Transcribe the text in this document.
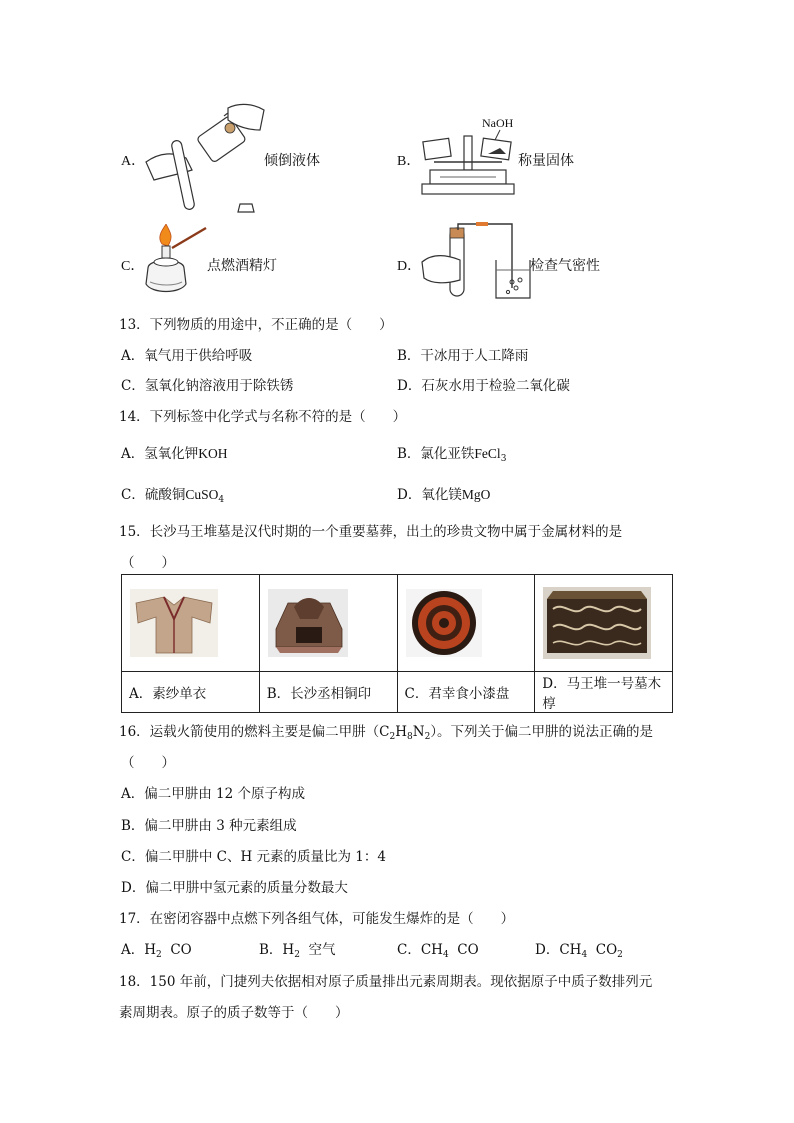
A．	倾倒液体	B．
NaOH
称量固体
C．	点燃酒精灯	D．	检查气密性
13．下列物质的用途中，不正确的是（　　）
A．氧气用于供给呼吸	B．干冰用于人工降雨
C．氢氧化钠溶液用于除铁锈	D．石灰水用于检验二氧化碳
14．下列标签中化学式与名称不符的是（　　）
A．氢氧化钾KOH	B．氯化亚铁FeCl$_3$
C．硫酸铜CuSO$_4$	D．氧化镁MgO
15．长沙马王堆墓是汉代时期的一个重要墓葬，出土的珍贵文物中属于金属材料的是
（　　）

A．素纱单衣	B．长沙丞相铜印	C．君幸食小漆盘	D．马王堆一号墓木椁
16．运载火箭使用的燃料主要是偏二甲肼$(C_2H_8N_2)$。下列关于偏二甲肼的说法正确的是
（　　）
A．偏二甲肼由 12 个原子构成
B．偏二甲肼由 3 种元素组成
C．偏二甲肼中 C、H 元素的质量比为 1：4
D．偏二甲肼中氢元素的质量分数最大
17．在密闭容器中点燃下列各组气体，可能发生爆炸的是（　　）
A．$H_2$  CO	B．$H_2$  空气	C．$CH_4$  CO	D．$CH_4$  $CO_2$
18．150 年前，门捷列夫依据相对原子质量排出元素周期表。现依据原子中质子数排列元
素周期表。原子的质子数等于（　　）
